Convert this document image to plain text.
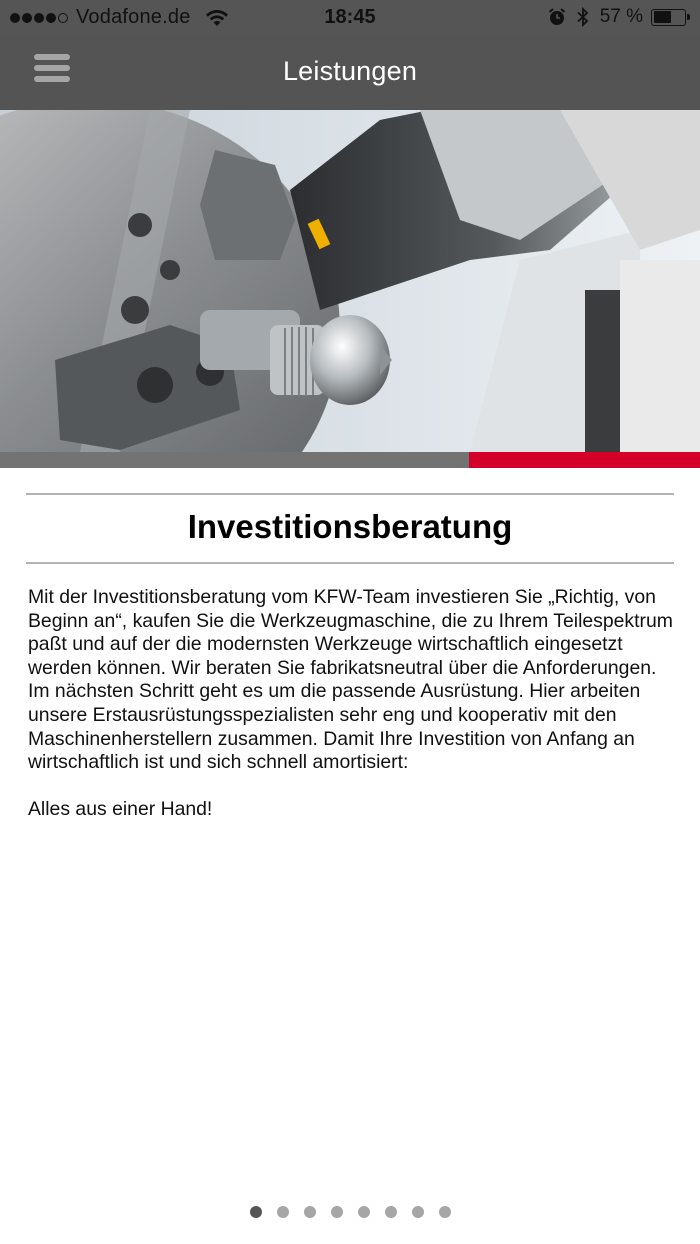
Vodafone.de	18:45	57 %
Leistungen
Investitionsberatung

Mit der Investitionsberatung vom KFW-Team investieren Sie „Richtig, von Beginn an“, kaufen Sie die Werkzeugmaschine, die zu Ihrem Teilespektrum paßt und auf der die modernsten Werkzeuge wirtschaftlich eingesetzt werden können. Wir beraten Sie fabrikatsneutral über die Anforderungen. Im nächsten Schritt geht es um die passende Ausrüstung. Hier arbeiten unsere Erstausrüstungsspezialisten sehr eng und kooperativ mit den Maschinenherstellern zusammen. Damit Ihre Investition von Anfang an wirtschaftlich ist und sich schnell amortisiert:

Alles aus einer Hand!
